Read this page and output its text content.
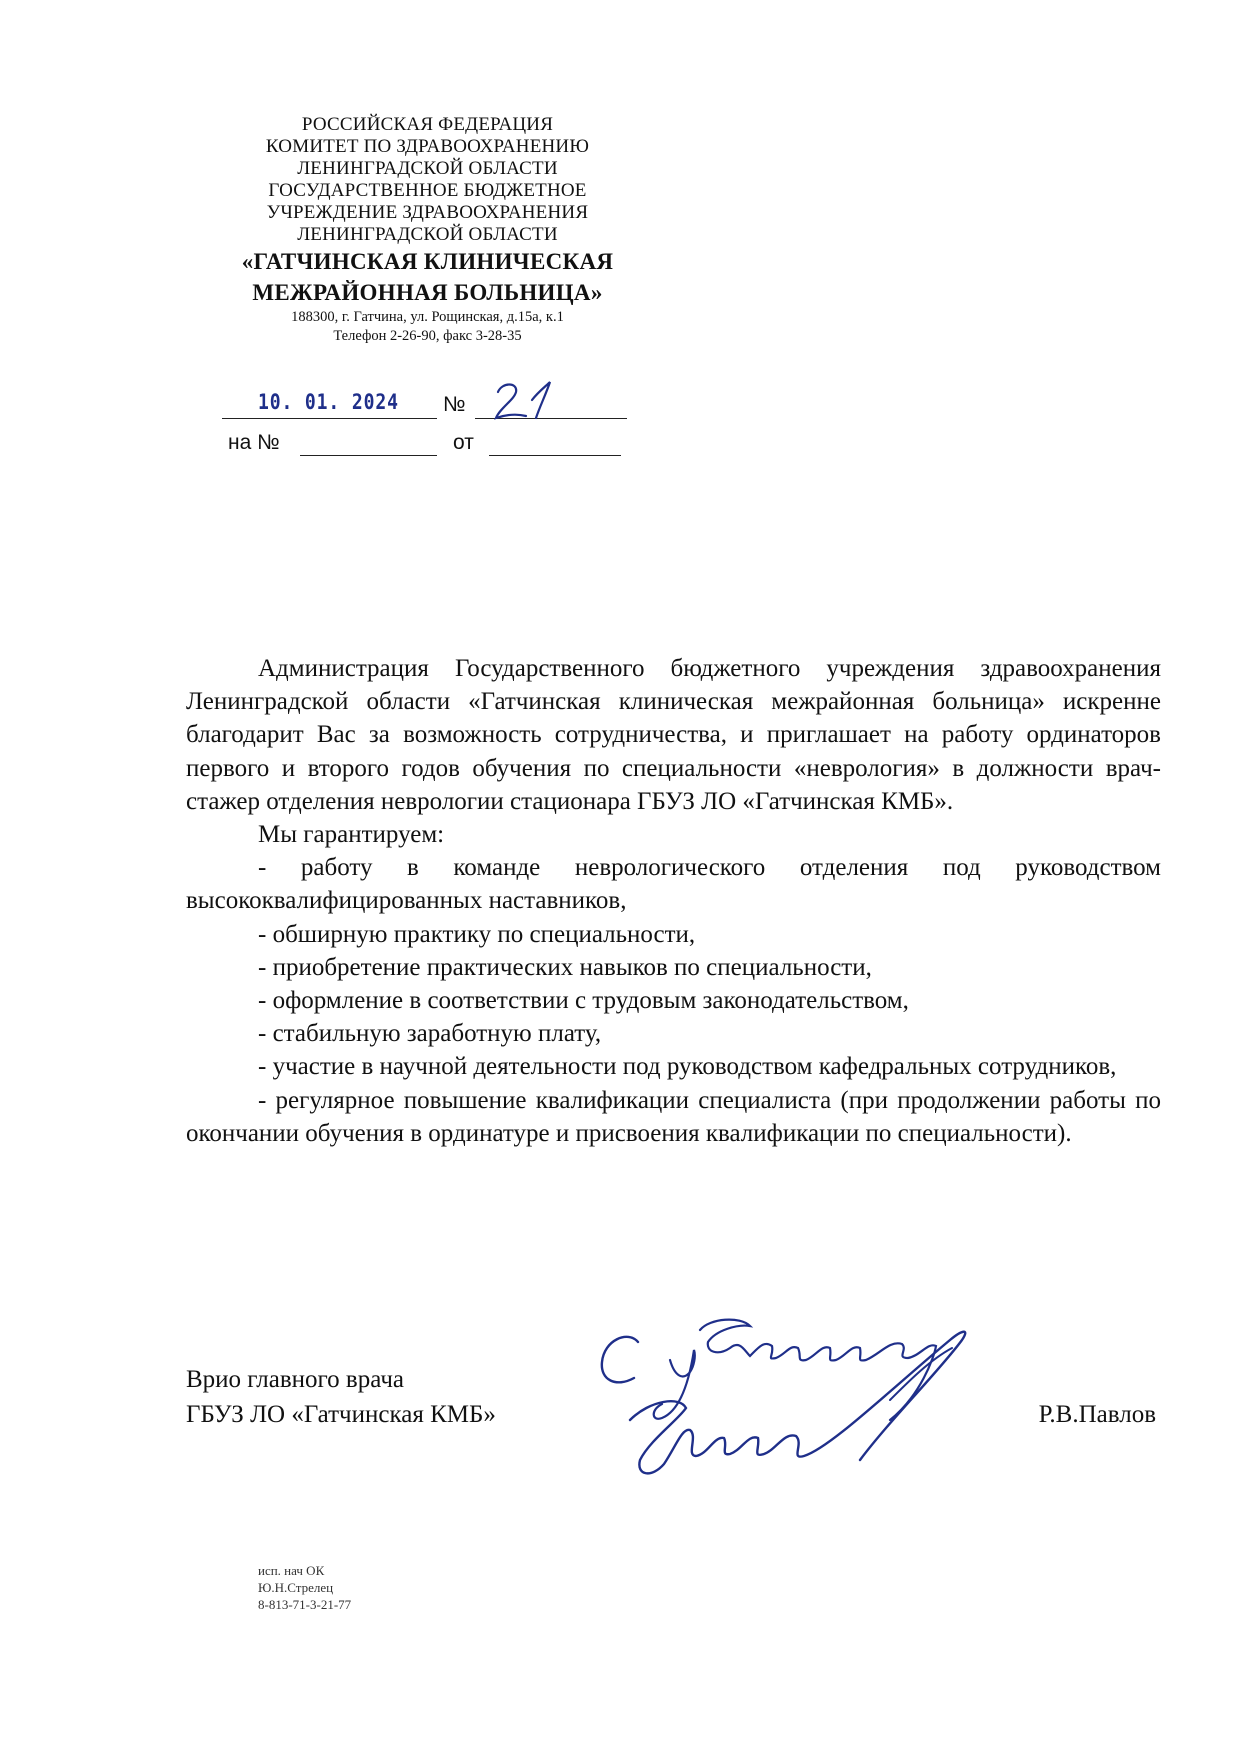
РОССИЙСКАЯ ФЕДЕРАЦИЯ
КОМИТЕТ ПО ЗДРАВООХРАНЕНИЮ
ЛЕНИНГРАДСКОЙ ОБЛАСТИ
ГОСУДАРСТВЕННОЕ БЮДЖЕТНОЕ
УЧРЕЖДЕНИЕ ЗДРАВООХРАНЕНИЯ
ЛЕНИНГРАДСКОЙ ОБЛАСТИ
«ГАТЧИНСКАЯ КЛИНИЧЕСКАЯ
МЕЖРАЙОННАЯ БОЛЬНИЦА»
188300, г. Гатчина, ул. Рощинская, д.15а, к.1
Телефон 2-26-90, факс 3-28-35
10. 01. 2024 №
на №	от

Администрация Государственного бюджетного учреждения здравоохранения Ленинградской области «Гатчинская клиническая межрайонная больница» искренне благодарит Вас за возможность сотрудничества, и приглашает на работу ординаторов первого и второго годов обучения по специальности «неврология» в должности врач-стажер отделения неврологии стационара ГБУЗ ЛО «Гатчинская КМБ».

Мы гарантируем:

- работу в команде неврологического отделения под руководством высококвалифицированных наставников,

- обширную практику по специальности,

- приобретение практических навыков по специальности,

- оформление в соответствии с трудовым законодательством,

- стабильную заработную плату,

- участие в научной деятельности под руководством кафедральных сотрудников,

- регулярное повышение квалификации специалиста (при продолжении работы по окончании обучения в ординатуре и присвоения квалификации по специальности).

Врио главного врача
ГБУЗ ЛО «Гатчинская КМБ»	Р.В.Павлов
исп. нач ОК
Ю.Н.Стрелец
8-813-71-3-21-77
